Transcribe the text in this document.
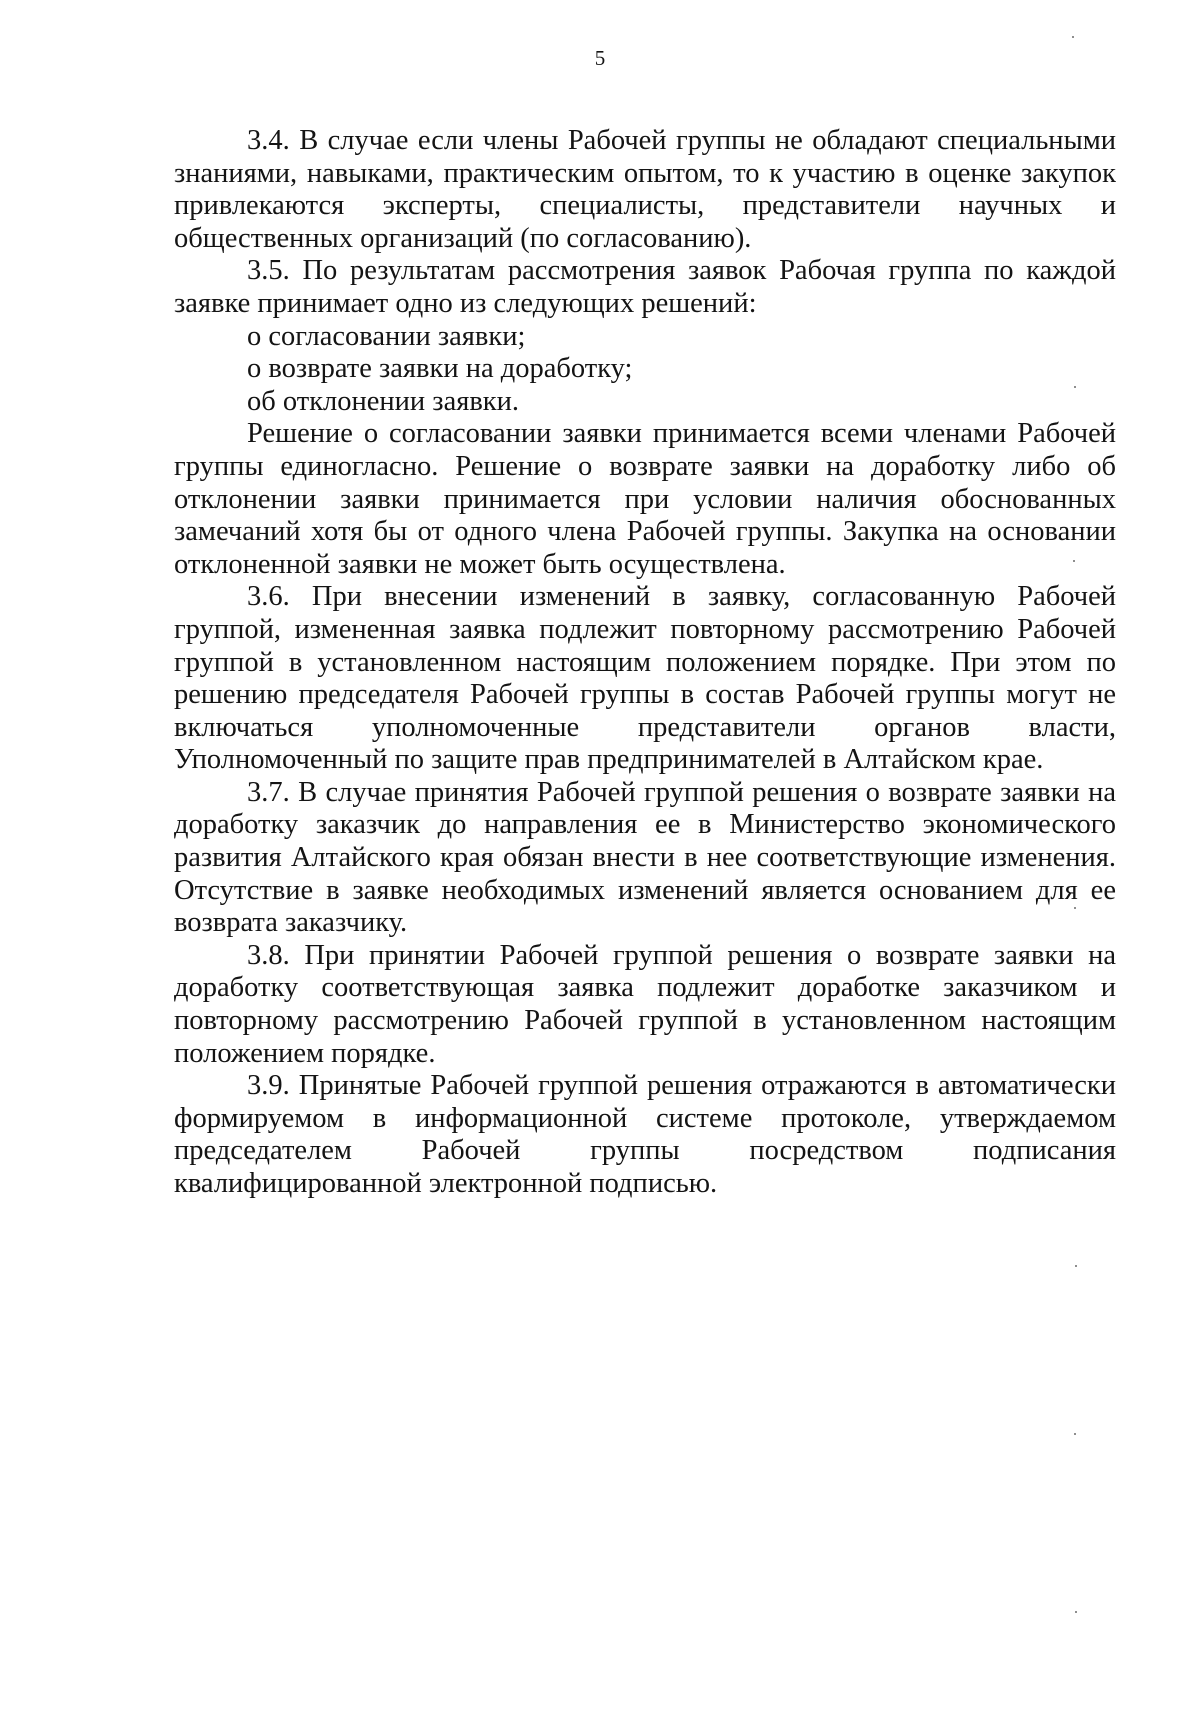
5

3.4. В случае если члены Рабочей группы не обладают специальными знаниями, навыками, практическим опытом, то к участию в оценке закупок привлекаются эксперты, специалисты, представители научных и общественных организаций (по согласованию).

3.5. По результатам рассмотрения заявок Рабочая группа по каждой заявке принимает одно из следующих решений:

о согласовании заявки;

о возврате заявки на доработку;

об отклонении заявки.

Решение о согласовании заявки принимается всеми членами Рабочей группы единогласно. Решение о возврате заявки на доработку либо об отклонении заявки принимается при условии наличия обоснованных замечаний хотя бы от одного члена Рабочей группы. Закупка на основании отклоненной заявки не может быть осуществлена.

3.6. При внесении изменений в заявку, согласованную Рабочей группой, измененная заявка подлежит повторному рассмотрению Рабочей группой в установленном настоящим положением порядке. При этом по решению председателя Рабочей группы в состав Рабочей группы могут не включаться уполномоченные представители органов власти, Уполномоченный по защите прав предпринимателей в Алтайском крае.

3.7. В случае принятия Рабочей группой решения о возврате заявки на доработку заказчик до направления ее в Министерство экономического развития Алтайского края обязан внести в нее соответствующие изменения. Отсутствие в заявке необходимых изменений является основанием для ее возврата заказчику.

3.8. При принятии Рабочей группой решения о возврате заявки на доработку соответствующая заявка подлежит доработке заказчиком и повторному рассмотрению Рабочей группой в установленном настоящим положением порядке.

3.9. Принятые Рабочей группой решения отражаются в автоматически формируемом в информационной системе протоколе, утверждаемом председателем Рабочей группы посредством подписания квалифицированной электронной подписью.
